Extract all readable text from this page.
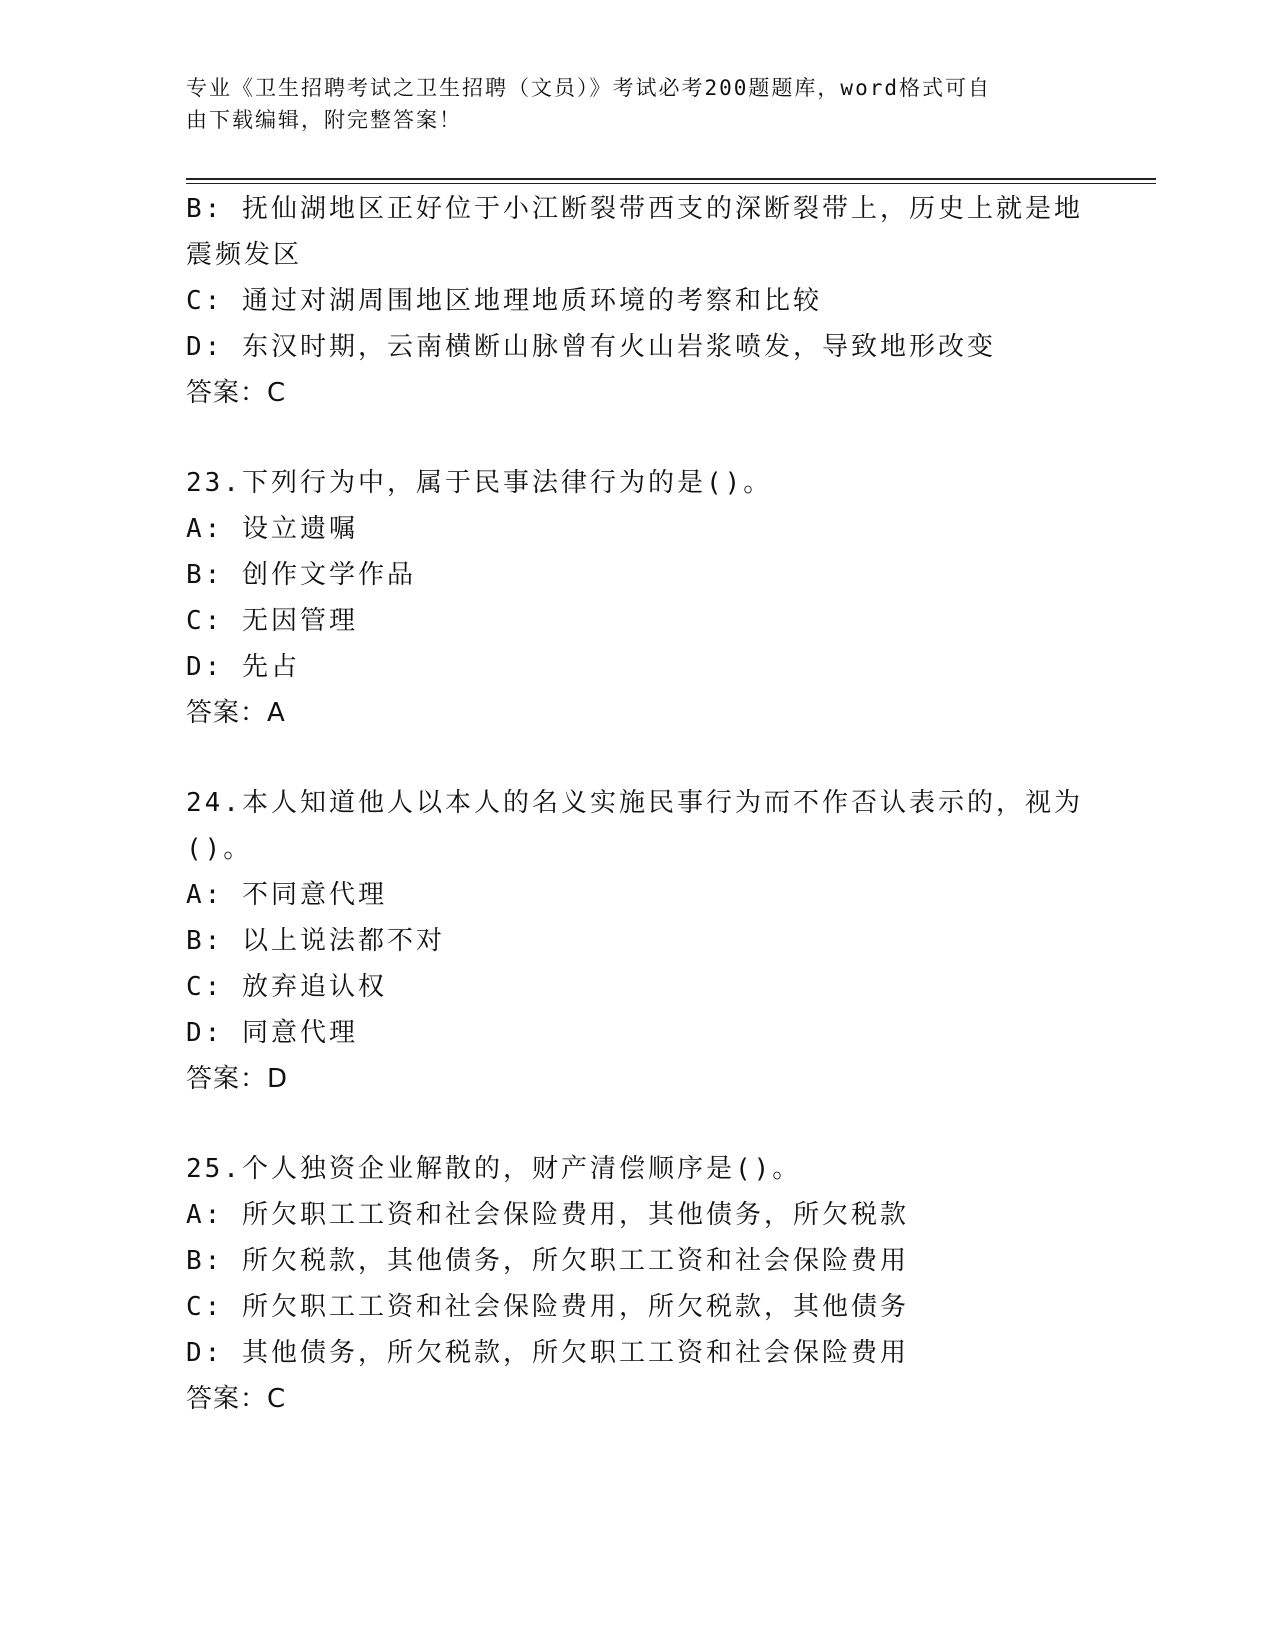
专业《卫生招聘考试之卫生招聘（文员）》考试必考200题题库，word格式可自
由下载编辑，附完整答案！
B: 抚仙湖地区正好位于小江断裂带西支的深断裂带上，历史上就是地
震频发区
C: 通过对湖周围地区地理地质环境的考察和比较
D: 东汉时期，云南横断山脉曾有火山岩浆喷发，导致地形改变
答案：C
23.下列行为中，属于民事法律行为的是()。
A: 设立遗嘱
B: 创作文学作品
C: 无因管理
D: 先占
答案：A
24.本人知道他人以本人的名义实施民事行为而不作否认表示的，视为
()。
A: 不同意代理
B: 以上说法都不对
C: 放弃追认权
D: 同意代理
答案：D
25.个人独资企业解散的，财产清偿顺序是()。
A: 所欠职工工资和社会保险费用，其他债务，所欠税款
B: 所欠税款，其他债务，所欠职工工资和社会保险费用
C: 所欠职工工资和社会保险费用，所欠税款，其他债务
D: 其他债务，所欠税款，所欠职工工资和社会保险费用
答案：C
